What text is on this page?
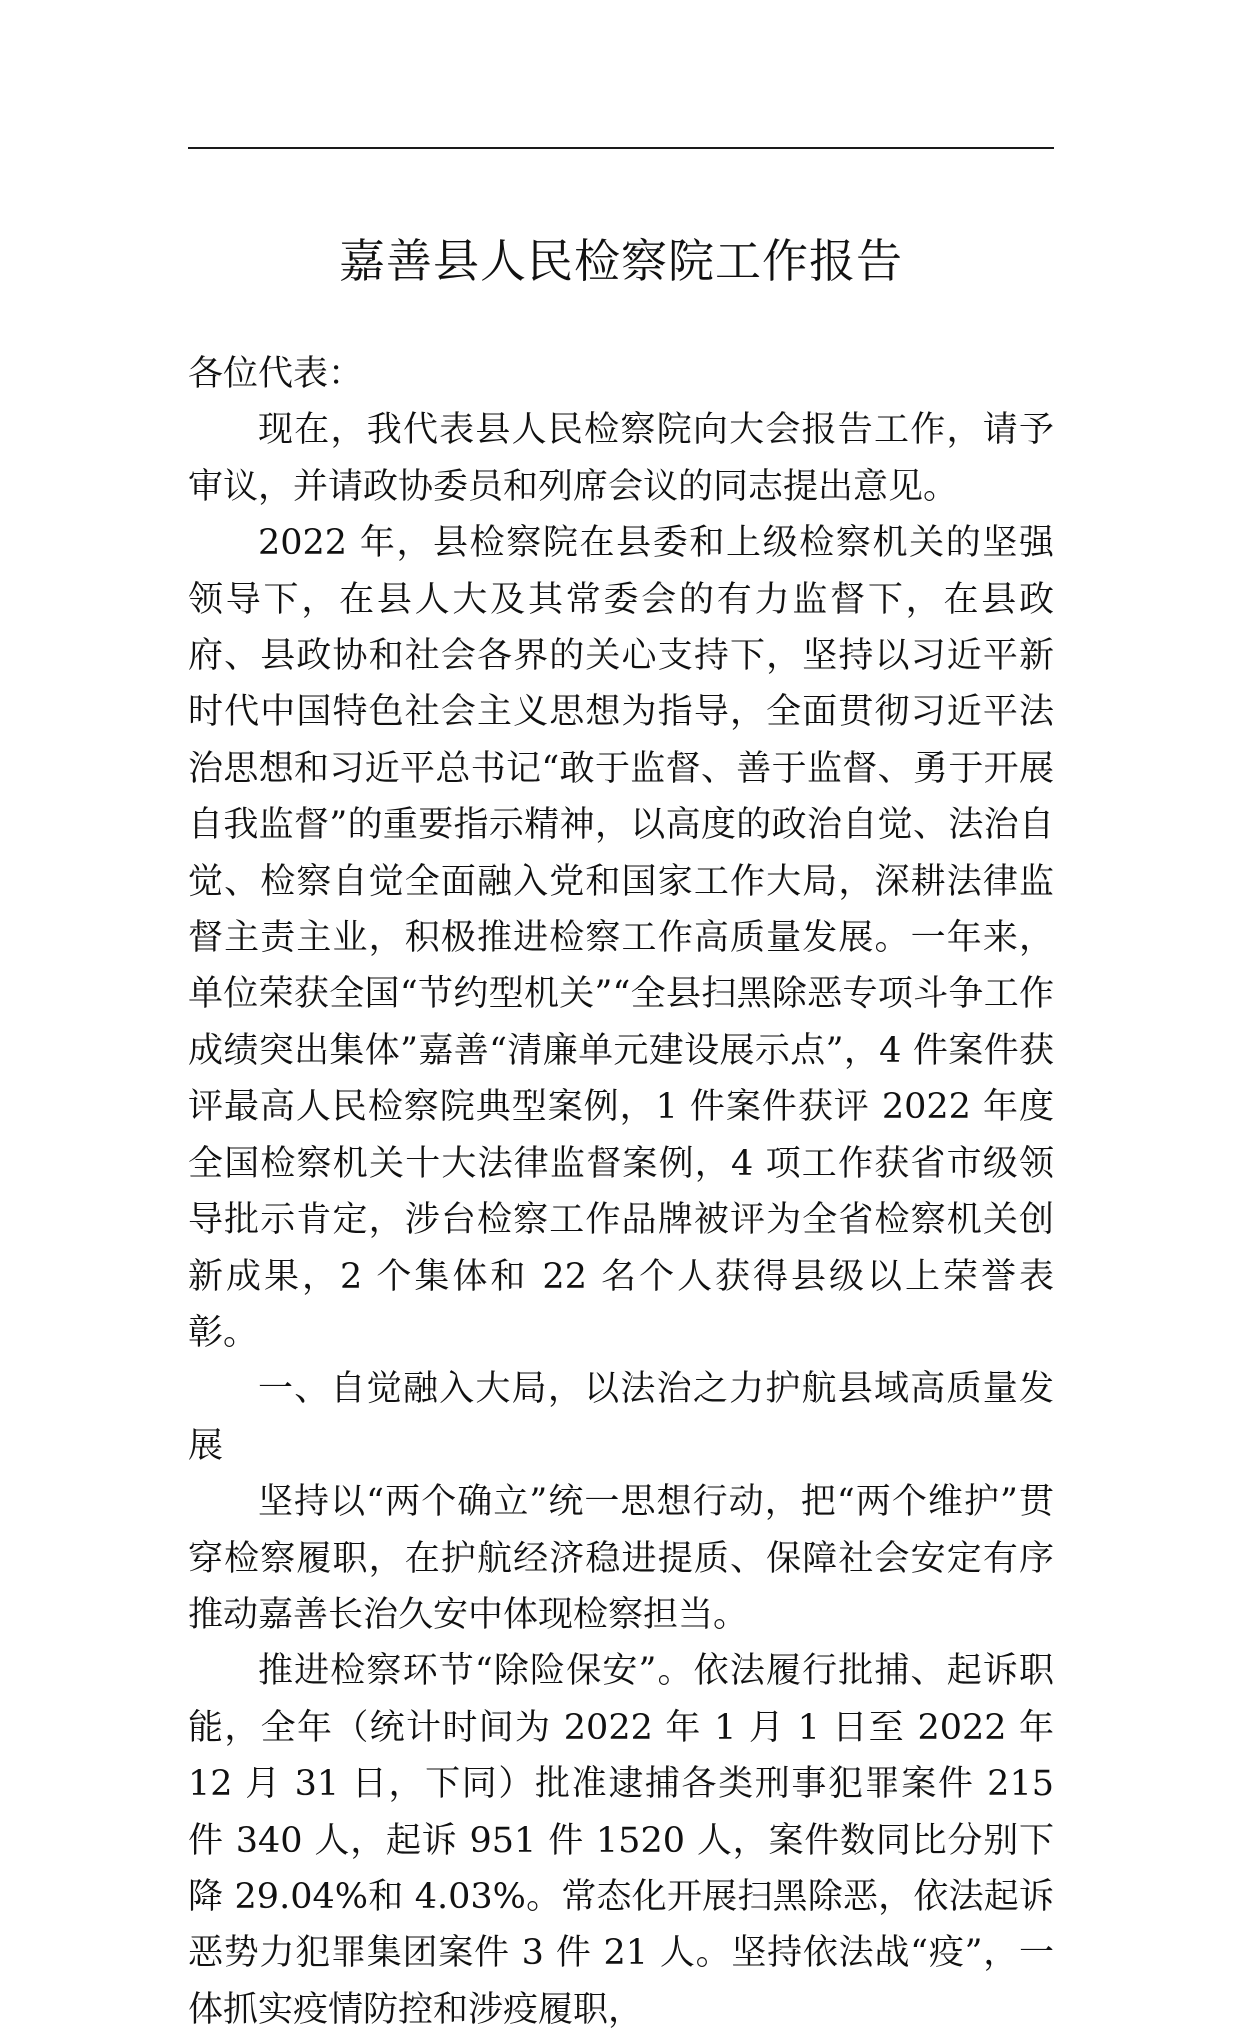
嘉善县人民检察院工作报告

各位代表：

现在，我代表县人民检察院向大会报告工作，请予审议，并请政协委员和列席会议的同志提出意见。

2022 年，县检察院在县委和上级检察机关的坚强领导下，在县人大及其常委会的有力监督下，在县政府、县政协和社会各界的关心支持下，坚持以习近平新时代中国特色社会主义思想为指导，全面贯彻习近平法治思想和习近平总书记“敢于监督、善于监督、勇于开展自我监督”的重要指示精神，以高度的政治自觉、法治自觉、检察自觉全面融入党和国家工作大局，深耕法律监督主责主业，积极推进检察工作高质量发展。一年来，单位荣获全国“节约型机关”“全县扫黑除恶专项斗争工作成绩突出集体”嘉善“清廉单元建设展示点”，4 件案件获评最高人民检察院典型案例，1 件案件获评 2022 年度全国检察机关十大法律监督案例，4 项工作获省市级领导批示肯定，涉台检察工作品牌被评为全省检察机关创新成果，2 个集体和 22 名个人获得县级以上荣誉表彰。

一、自觉融入大局，以法治之力护航县域高质量发展

坚持以“两个确立”统一思想行动，把“两个维护”贯穿检察履职，在护航经济稳进提质、保障社会安定有序推动嘉善长治久安中体现检察担当。

推进检察环节“除险保安”。依法履行批捕、起诉职能，全年（统计时间为 2022 年 1 月 1 日至 2022 年 12 月 31 日，下同）批准逮捕各类刑事犯罪案件 215 件 340 人，起诉 951 件 1520 人，案件数同比分别下降 29.04%和 4.03%。常态化开展扫黑除恶，依法起诉恶势力犯罪集团案件 3 件 21 人。坚持依法战“疫”，一体抓实疫情防控和涉疫履职，
